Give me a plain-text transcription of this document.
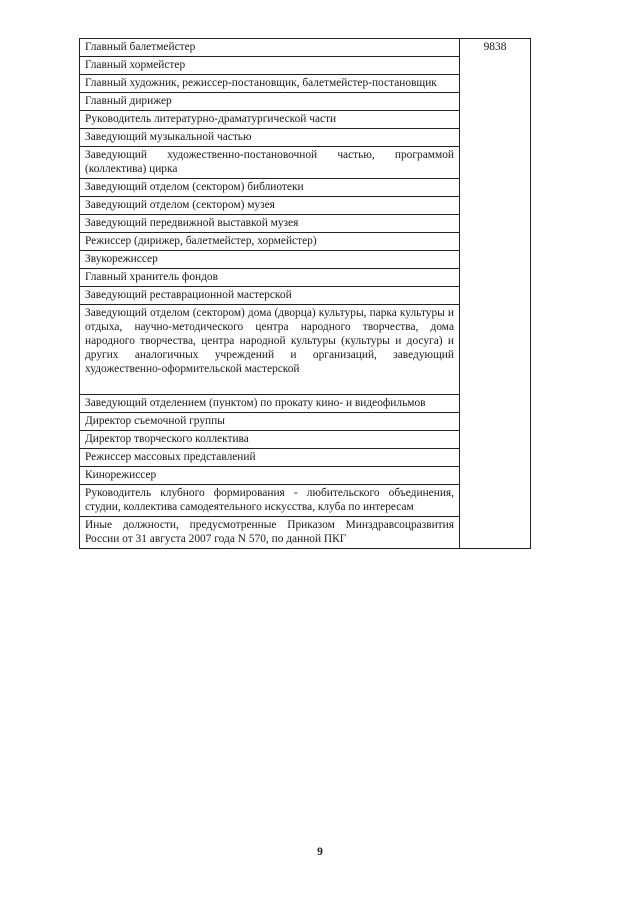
Главный балетмейстер	9838
Главный хормейстер
Главный художник, режиссер-постановщик, балетмейстер-постановщик
Главный дирижер
Руководитель литературно-драматургической части
Заведующий музыкальной частью
Заведующий художественно-постановочной частью, программой (коллектива) цирка
Заведующий отделом (сектором) библиотеки
Заведующий отделом (сектором) музея
Заведующий передвижной выставкой музея
Режиссер (дирижер, балетмейстер, хормейстер)
Звукорежиссер
Главный хранитель фондов
Заведующий реставрационной мастерской
Заведующий отделом (сектором) дома (дворца) культуры, парка культуры и отдыха, научно-методического центра народного творчества, дома народного творчества, центра народной культуры (культуры и досуга) и других аналогичных учреждений и организаций, заведующий художественно-оформительской мастерской
Заведующий отделением (пунктом) по прокату кино- и видеофильмов
Директор съемочной группы
Директор творческого коллектива
Режиссер массовых представлений
Кинорежиссер
Руководитель клубного формирования - любительского объединения, студии, коллектива самодеятельного искусства, клуба по интересам
Иные должности, предусмотренные Приказом Минздравсоцразвития России от 31 августа 2007 года N 570, по данной ПКГ
9
